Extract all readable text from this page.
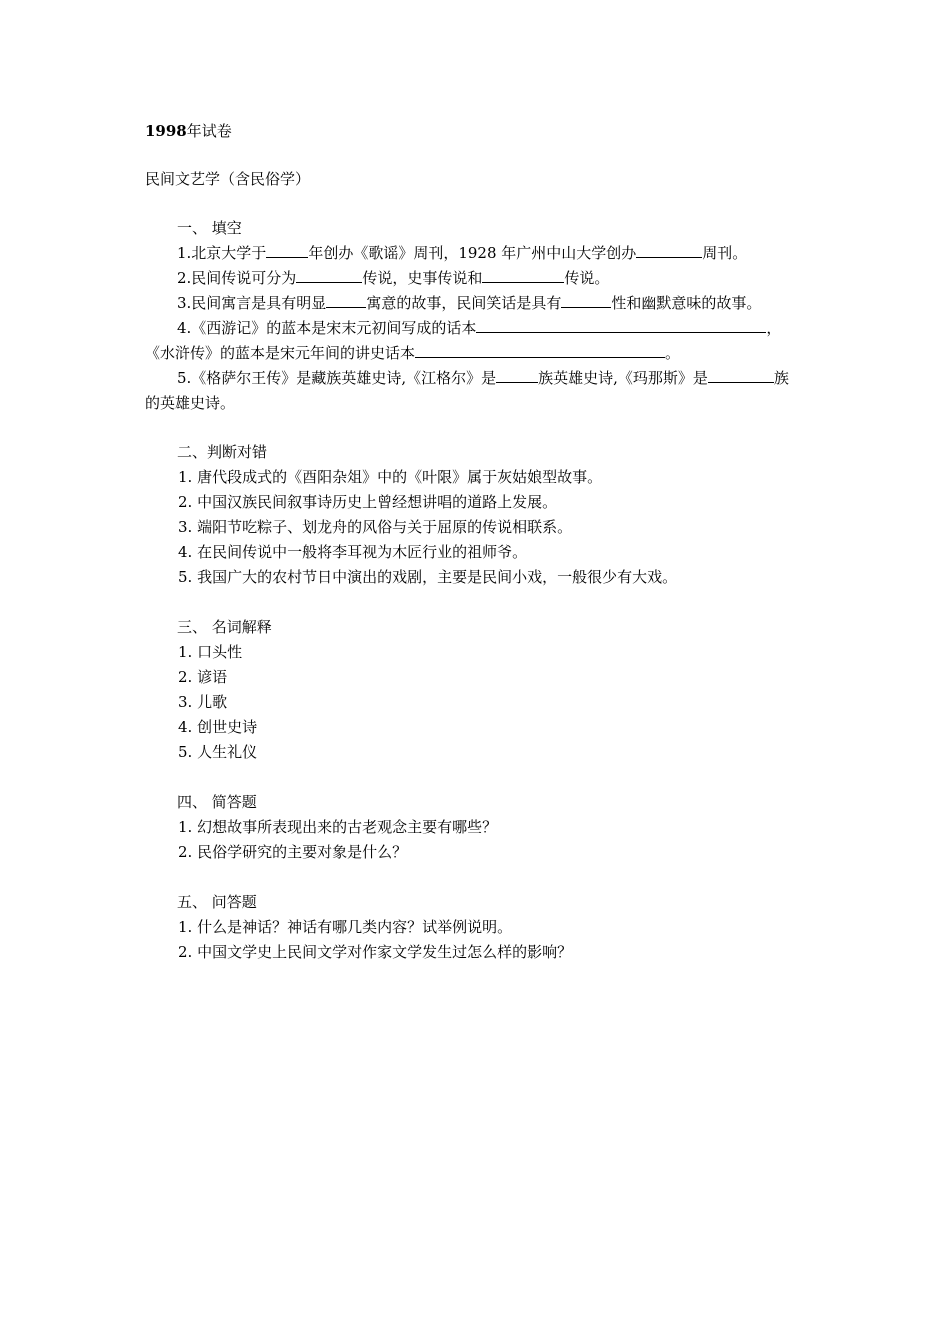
1998年试卷
民间文艺学（含民俗学）
一、 填空
1.北京大学于	年创办《歌谣》周刊，1928 年广州中山大学创办	周刊。
2.民间传说可分为	传说，史事传说和	传说。
3.民间寓言是具有明显	寓意的故事，民间笑话是具有	性和幽默意味的故事。
4.《西游记》的蓝本是宋末元初间写成的话本	，
《水浒传》的蓝本是宋元年间的讲史话本	。
5.《格萨尔王传》是藏族英雄史诗,《江格尔》是	族英雄史诗,《玛那斯》是	族
的英雄史诗。
二、判断对错
1. 唐代段成式的《酉阳杂俎》中的《叶限》属于灰姑娘型故事。
2. 中国汉族民间叙事诗历史上曾经想讲唱的道路上发展。
3. 端阳节吃粽子、划龙舟的风俗与关于屈原的传说相联系。
4. 在民间传说中一般将李耳视为木匠行业的祖师爷。
5. 我国广大的农村节日中演出的戏剧，主要是民间小戏，一般很少有大戏。
三、 名词解释
1. 口头性
2. 谚语
3. 儿歌
4. 创世史诗
5. 人生礼仪
四、 简答题
1. 幻想故事所表现出来的古老观念主要有哪些？
2. 民俗学研究的主要对象是什么？
五、 问答题
1. 什么是神话？神话有哪几类内容？试举例说明。
2. 中国文学史上民间文学对作家文学发生过怎么样的影响？
